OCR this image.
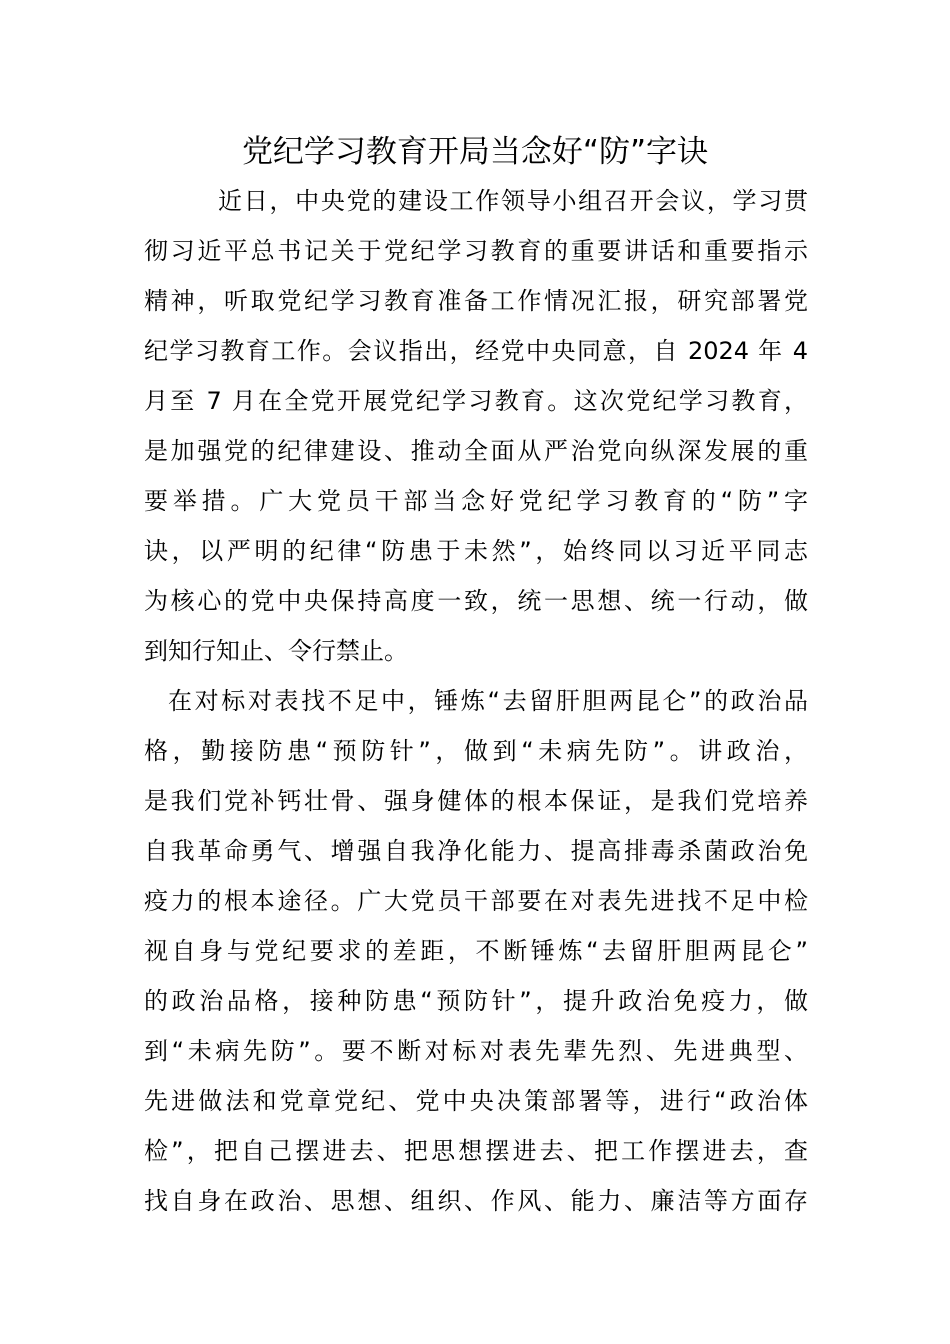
党纪学习教育开局当念好“防”字诀

近日，中央党的建设工作领导小组召开会议，学习贯
彻习近平总书记关于党纪学习教育的重要讲话和重要指示
精神，听取党纪学习教育准备工作情况汇报，研究部署党
纪学习教育工作。会议指出，经党中央同意，自 2024 年 4
月至 7 月在全党开展党纪学习教育。这次党纪学习教育，
是加强党的纪律建设、推动全面从严治党向纵深发展的重
要举措。广大党员干部当念好党纪学习教育的“防”字
诀，以严明的纪律“防患于未然”，始终同以习近平同志
为核心的党中央保持高度一致，统一思想、统一行动，做
到知行知止、令行禁止。

在对标对表找不足中，锤炼“去留肝胆两昆仑”的政治品
格，勤接防患“预防针”，做到“未病先防”。讲政治，
是我们党补钙壮骨、强身健体的根本保证，是我们党培养
自我革命勇气、增强自我净化能力、提高排毒杀菌政治免
疫力的根本途径。广大党员干部要在对表先进找不足中检
视自身与党纪要求的差距，不断锤炼“去留肝胆两昆仑”
的政治品格，接种防患“预防针”，提升政治免疫力，做
到“未病先防”。要不断对标对表先辈先烈、先进典型、
先进做法和党章党纪、党中央决策部署等，进行“政治体
检”，把自己摆进去、把思想摆进去、把工作摆进去，查
找自身在政治、思想、组织、作风、能力、廉洁等方面存
